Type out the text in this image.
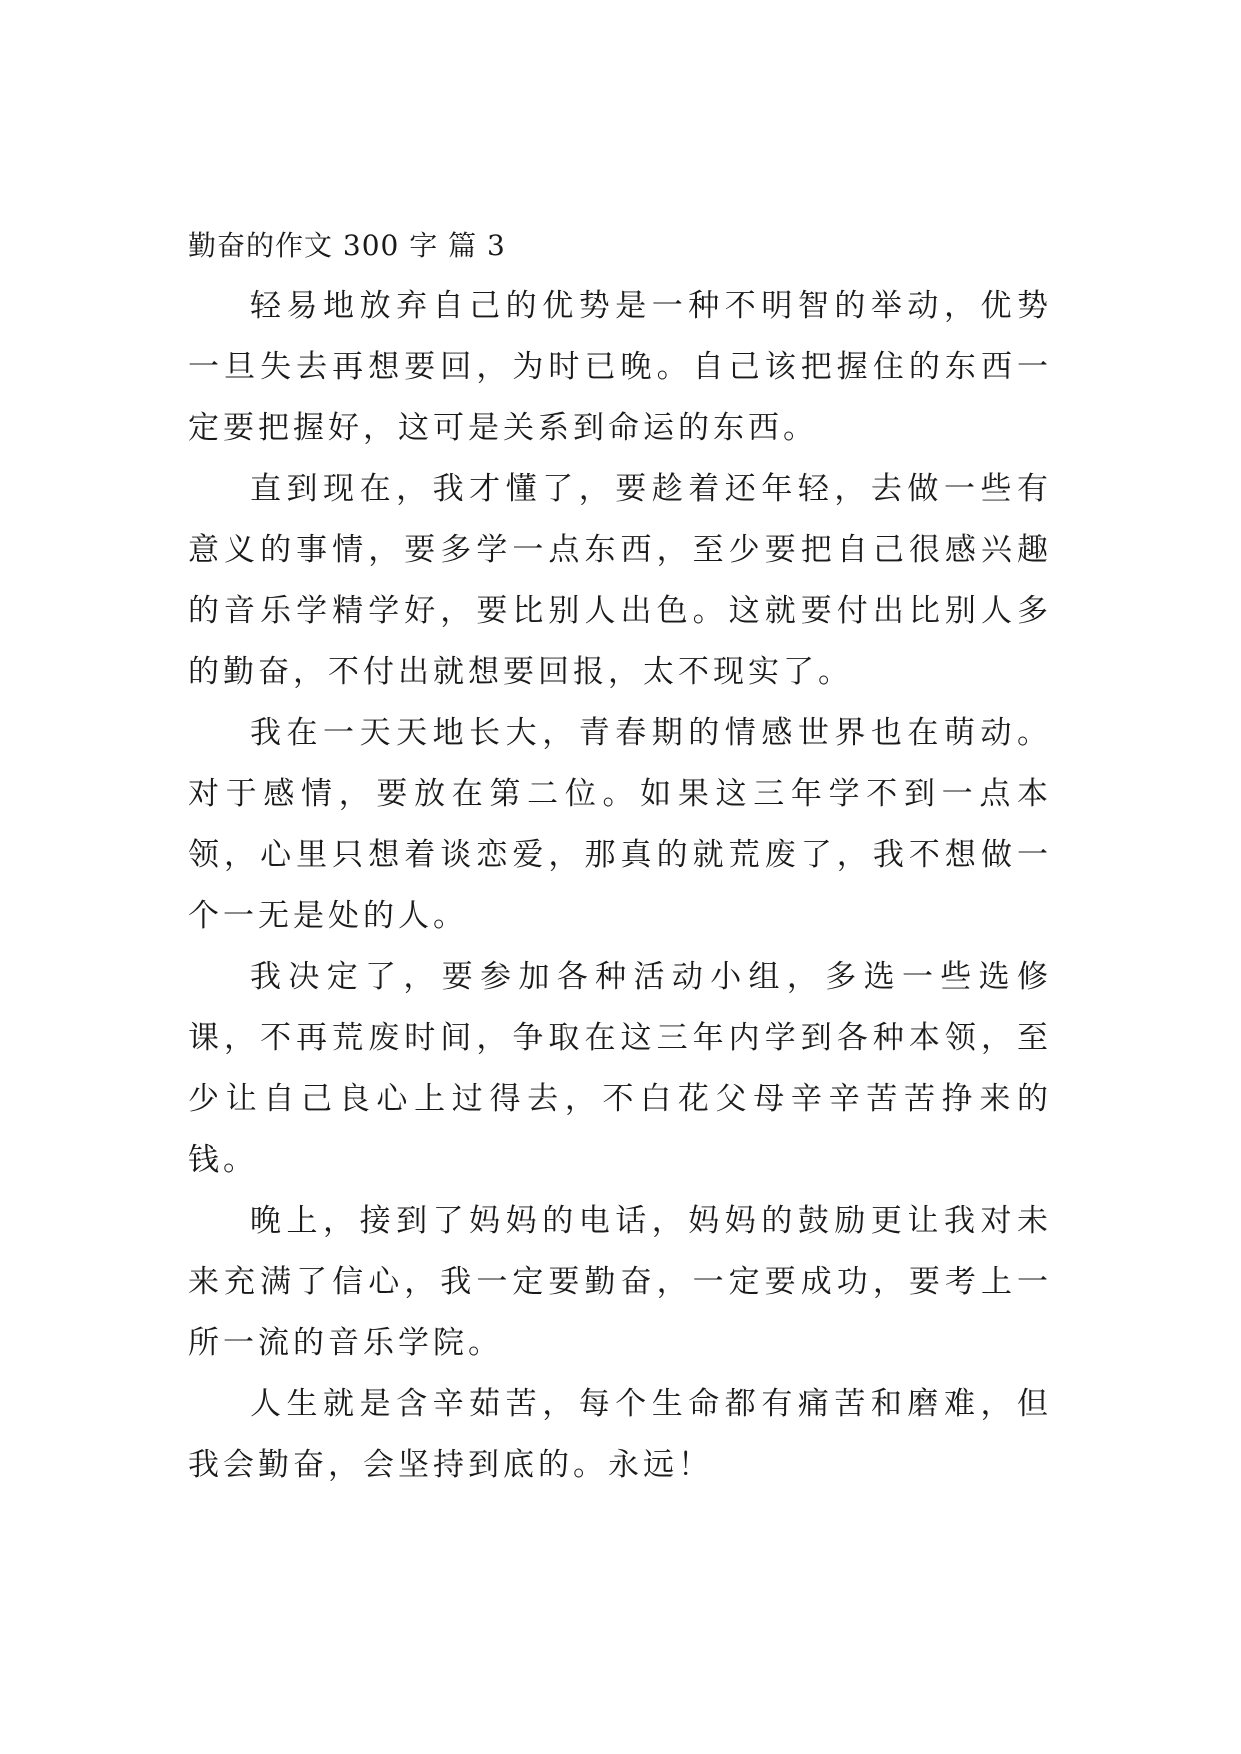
勤奋的作文 300 字 篇 3

轻易地放弃自己的优势是一种不明智的举动，优势一旦失去再想要回，为时已晚。自己该把握住的东西一定要把握好，这可是关系到命运的东西。

直到现在，我才懂了，要趁着还年轻，去做一些有意义的事情，要多学一点东西，至少要把自己很感兴趣的音乐学精学好，要比别人出色。这就要付出比别人多的勤奋，不付出就想要回报，太不现实了。

我在一天天地长大，青春期的情感世界也在萌动。对于感情，要放在第二位。如果这三年学不到一点本领，心里只想着谈恋爱，那真的就荒废了，我不想做一个一无是处的人。

我决定了，要参加各种活动小组，多选一些选修课，不再荒废时间，争取在这三年内学到各种本领，至少让自己良心上过得去，不白花父母辛辛苦苦挣来的钱。

晚上，接到了妈妈的电话，妈妈的鼓励更让我对未来充满了信心，我一定要勤奋，一定要成功，要考上一所一流的音乐学院。

人生就是含辛茹苦，每个生命都有痛苦和磨难，但我会勤奋，会坚持到底的。永远！
